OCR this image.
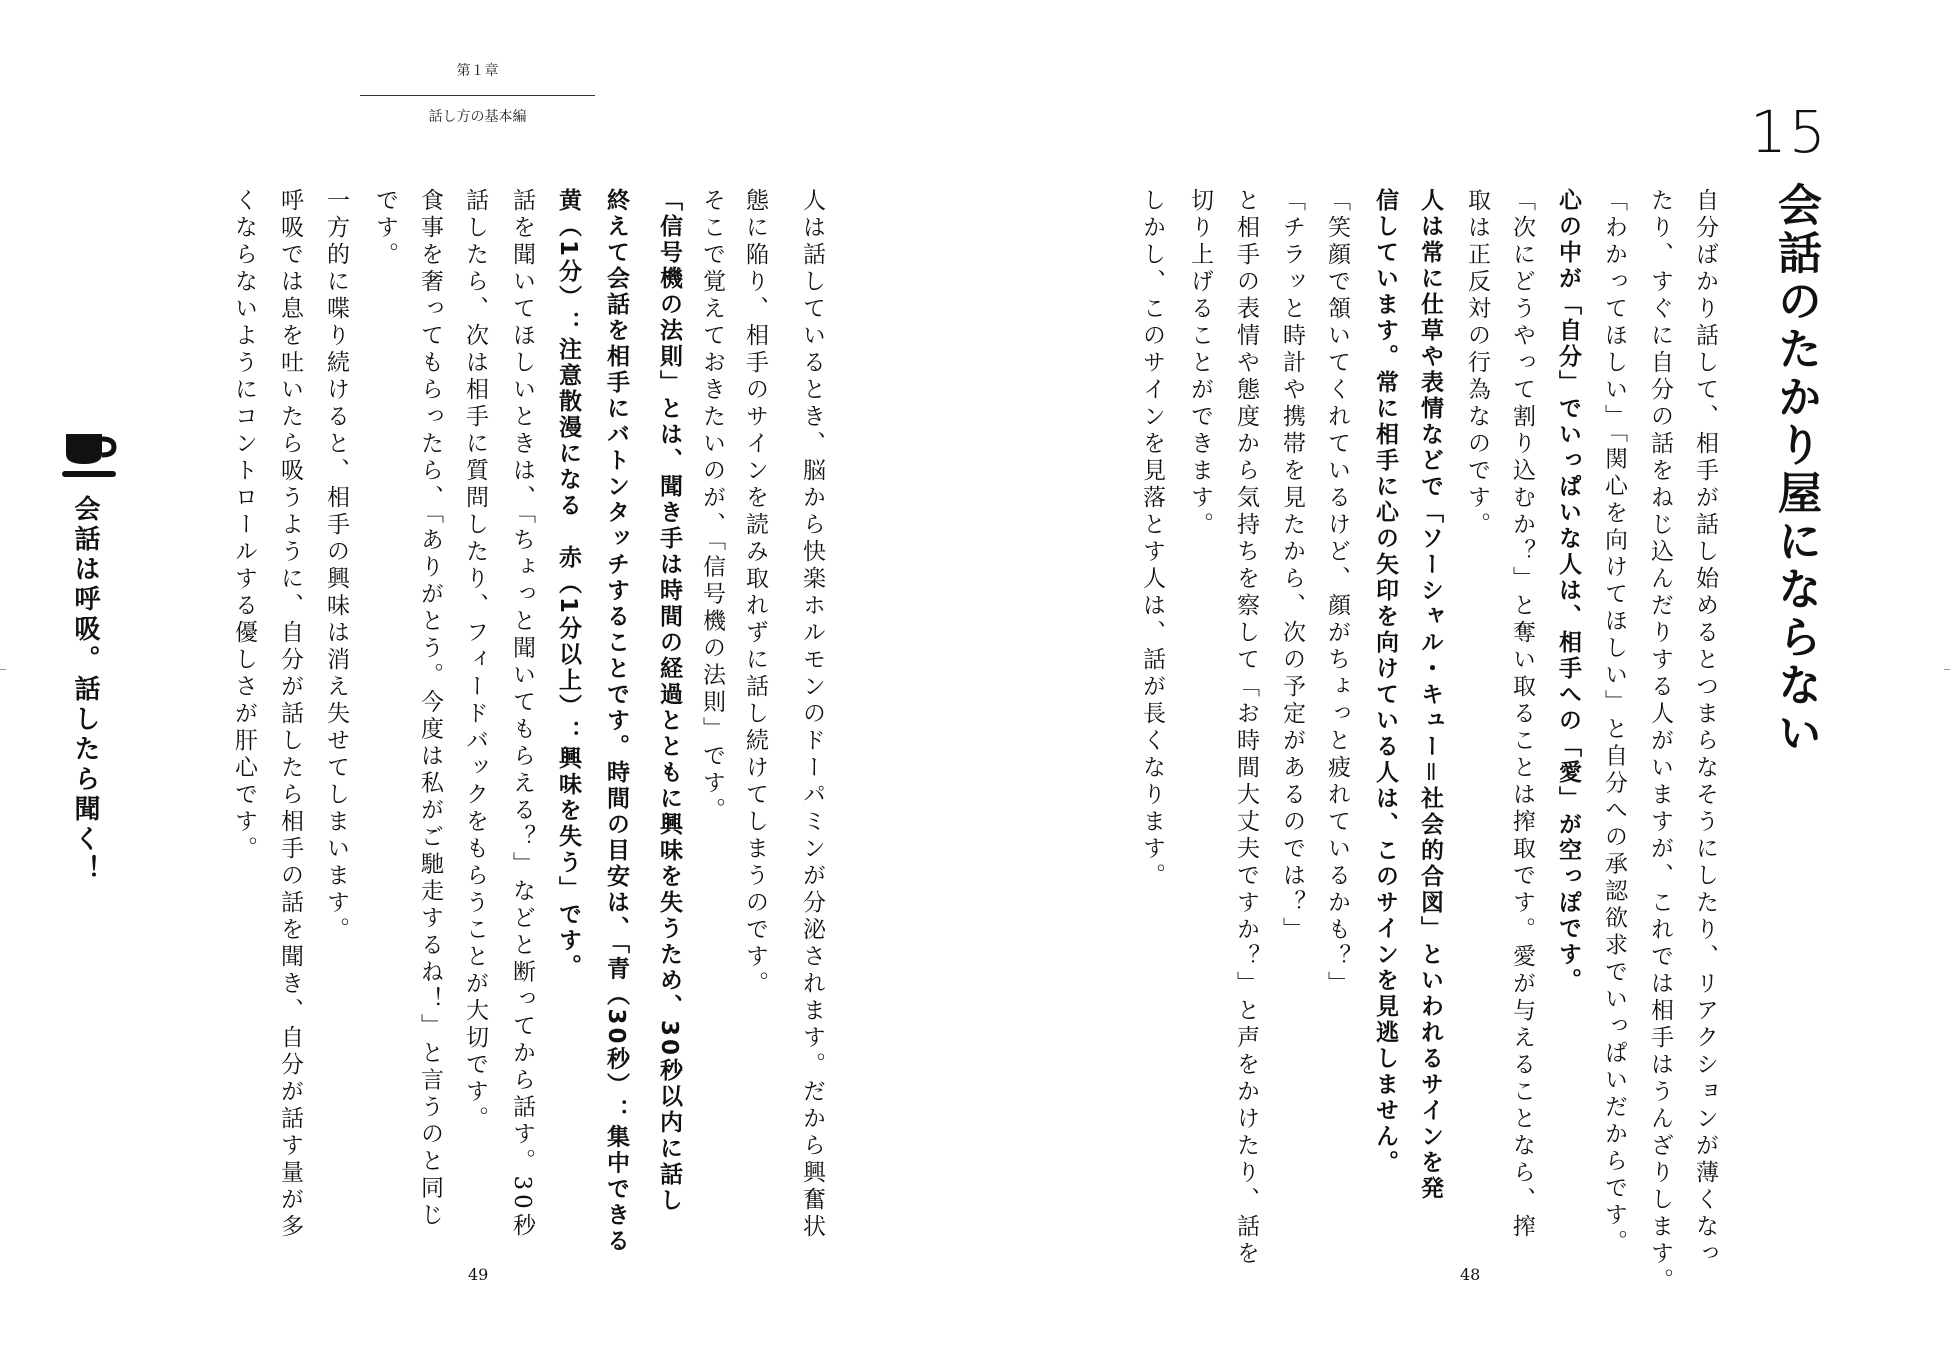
第１章
話し方の基本編
人は話しているとき、脳から快楽ホルモンのドーパミンが分泌されます。だから興奮状
態に陥り、相手のサインを読み取れずに話し続けてしまうのです。
そこで覚えておきたいのが、「信号機の法則」です。
「信号機の法則」とは、聞き手は時間の経過とともに興味を失うため、30秒以内に話し
終えて会話を相手にバトンタッチすることです。時間の目安は、「青（30秒）：集中できる
黄（1分）：注意散漫になる　赤（1分以上）：興味を失う」です。
話を聞いてほしいときは、「ちょっと聞いてもらえる？」などと断ってから話す。30秒
話したら、次は相手に質問したり、フィードバックをもらうことが大切です。
食事を奢ってもらったら、「ありがとう。今度は私がご馳走するね！」と言うのと同じ
です。
一方的に喋り続けると、相手の興味は消え失せてしまいます。
呼吸では息を吐いたら吸うように、自分が話したら相手の話を聞き、自分が話す量が多
くならないようにコントロールする優しさが肝心です。
会話は呼吸。話したら聞く！
49	48
15
会話のたかり屋にならない
自分ばかり話して、相手が話し始めるとつまらなそうにしたり、リアクションが薄くなっ
たり、すぐに自分の話をねじ込んだりする人がいますが、これでは相手はうんざりします。
「わかってほしい」「関心を向けてほしい」と自分への承認欲求でいっぱいだからです。
心の中が「自分」でいっぱいな人は、相手への「愛」が空っぽです。
「次にどうやって割り込むか？」と奪い取ることは搾取です。愛が与えることなら、搾
取は正反対の行為なのです。
人は常に仕草や表情などで「ソーシャル・キュー＝社会的合図」といわれるサインを発
信しています。常に相手に心の矢印を向けている人は、このサインを見逃しません。
「笑顔で頷いてくれているけど、顔がちょっと疲れているかも？」
「チラッと時計や携帯を見たから、次の予定があるのでは？」
と相手の表情や態度から気持ちを察して「お時間大丈夫ですか？」と声をかけたり、話を
切り上げることができます。
しかし、このサインを見落とす人は、話が長くなります。
